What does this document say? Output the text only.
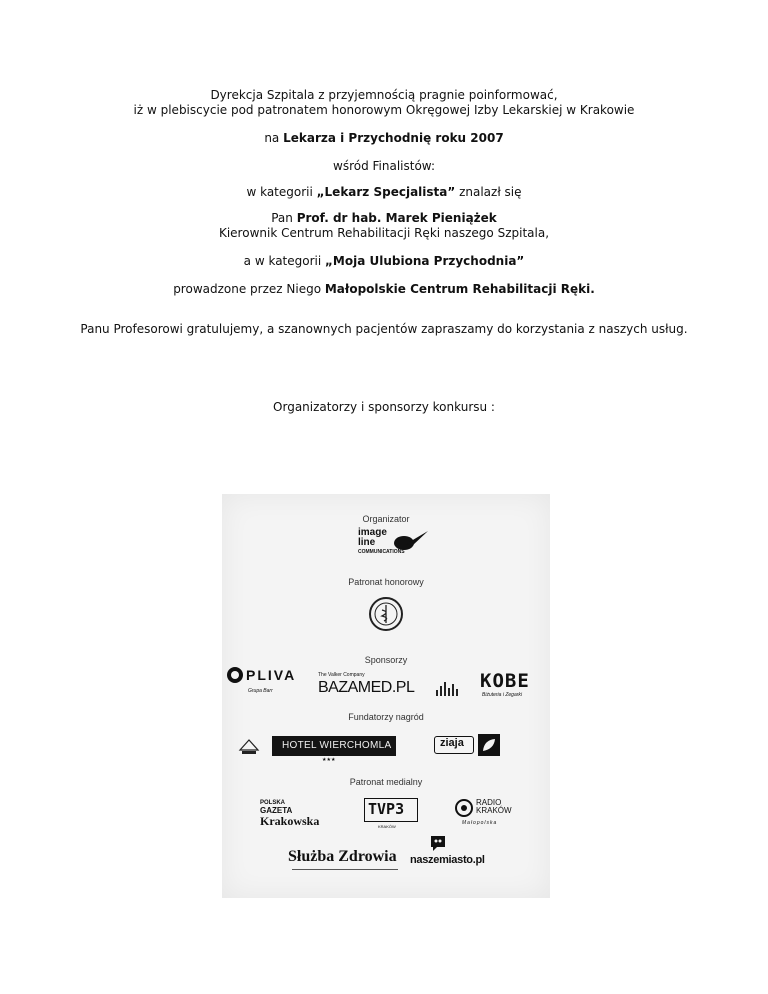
Dyrekcja Szpitala z przyjemnością pragnie poinformować,
iż w plebiscycie pod patronatem honorowym Okręgowej Izby Lekarskiej w Krakowie
na Lekarza i Przychodnię roku 2007
wśród Finalistów:
w kategorii „Lekarz Specjalista” znalazł się
Pan Prof. dr hab. Marek Pieniążek
Kierownik Centrum Rehabilitacji Ręki naszego Szpitala,
a w kategorii „Moja Ulubiona Przychodnia”
prowadzone przez Niego Małopolskie Centrum Rehabilitacji Ręki.
Panu Profesorowi gratulujemy, a szanownych pacjentów zapraszamy do korzystania z naszych usług.
Organizatorzy i sponsorzy konkursu :
Organizator
image
line
COMMUNICATIONS
Patronat honorowy
Sponsorzy
PLIVA
Grupa Barr
The Valker Company
BAZAMED.PL	KOBE
Biżuteria i Zegarki
Fundatorzy nagród
HOTEL WIERCHOMLA
★★★
ziaja
Patronat medialny
POLSKA
GAZETA
Krakowska
TVP3
KRAKÓW
RADIO
KRAKÓW
Małopolska
Służba Zdrowia naszemiasto.pl
